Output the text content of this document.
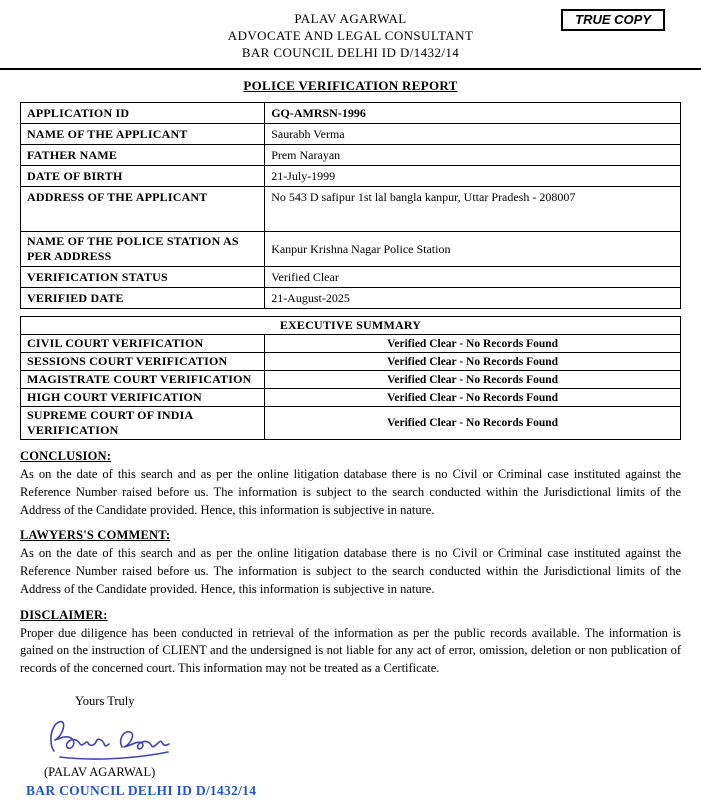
TRUE COPY
PALAV AGARWAL
ADVOCATE AND LEGAL CONSULTANT
BAR COUNCIL DELHI ID D/1432/14
POLICE VERIFICATION REPORT
APPLICATION ID	GQ-AMRSN-1996
NAME OF THE APPLICANT	Saurabh Verma
FATHER NAME	Prem Narayan
DATE OF BIRTH	21-July-1999
ADDRESS OF THE APPLICANT	No 543 D safipur 1st lal bangla kanpur, Uttar Pradesh - 208007
NAME OF THE POLICE STATION AS PER ADDRESS	Kanpur Krishna Nagar Police Station
VERIFICATION STATUS	Verified Clear
VERIFIED DATE	21-August-2025
EXECUTIVE SUMMARY	
CIVIL COURT VERIFICATION	Verified Clear - No Records Found
SESSIONS COURT VERIFICATION	Verified Clear - No Records Found
MAGISTRATE COURT VERIFICATION	Verified Clear - No Records Found
HIGH COURT VERIFICATION	Verified Clear - No Records Found
SUPREME COURT OF INDIA VERIFICATION	Verified Clear - No Records Found
CONCLUSION:

As on the date of this search and as per the online litigation database there is no Civil or Criminal case instituted against the Reference Number raised before us. The information is subject to the search conducted within the Jurisdictional limits of the Address of the Candidate provided. Hence, this information is subjective in nature.

LAWYERS'S COMMENT:

As on the date of this search and as per the online litigation database there is no Civil or Criminal case instituted against the Reference Number raised before us. The information is subject to the search conducted within the Jurisdictional limits of the Address of the Candidate provided. Hence, this information is subjective in nature.

DISCLAIMER:

Proper due diligence has been conducted in retrieval of the information as per the public records available. The information is gained on the instruction of CLIENT and the undersigned is not liable for any act of error, omission, deletion or non publication of records of the concerned court. This information may not be treated as a Certificate.

Yours Truly
(PALAV AGARWAL)
BAR COUNCIL DELHI ID D/1432/14
